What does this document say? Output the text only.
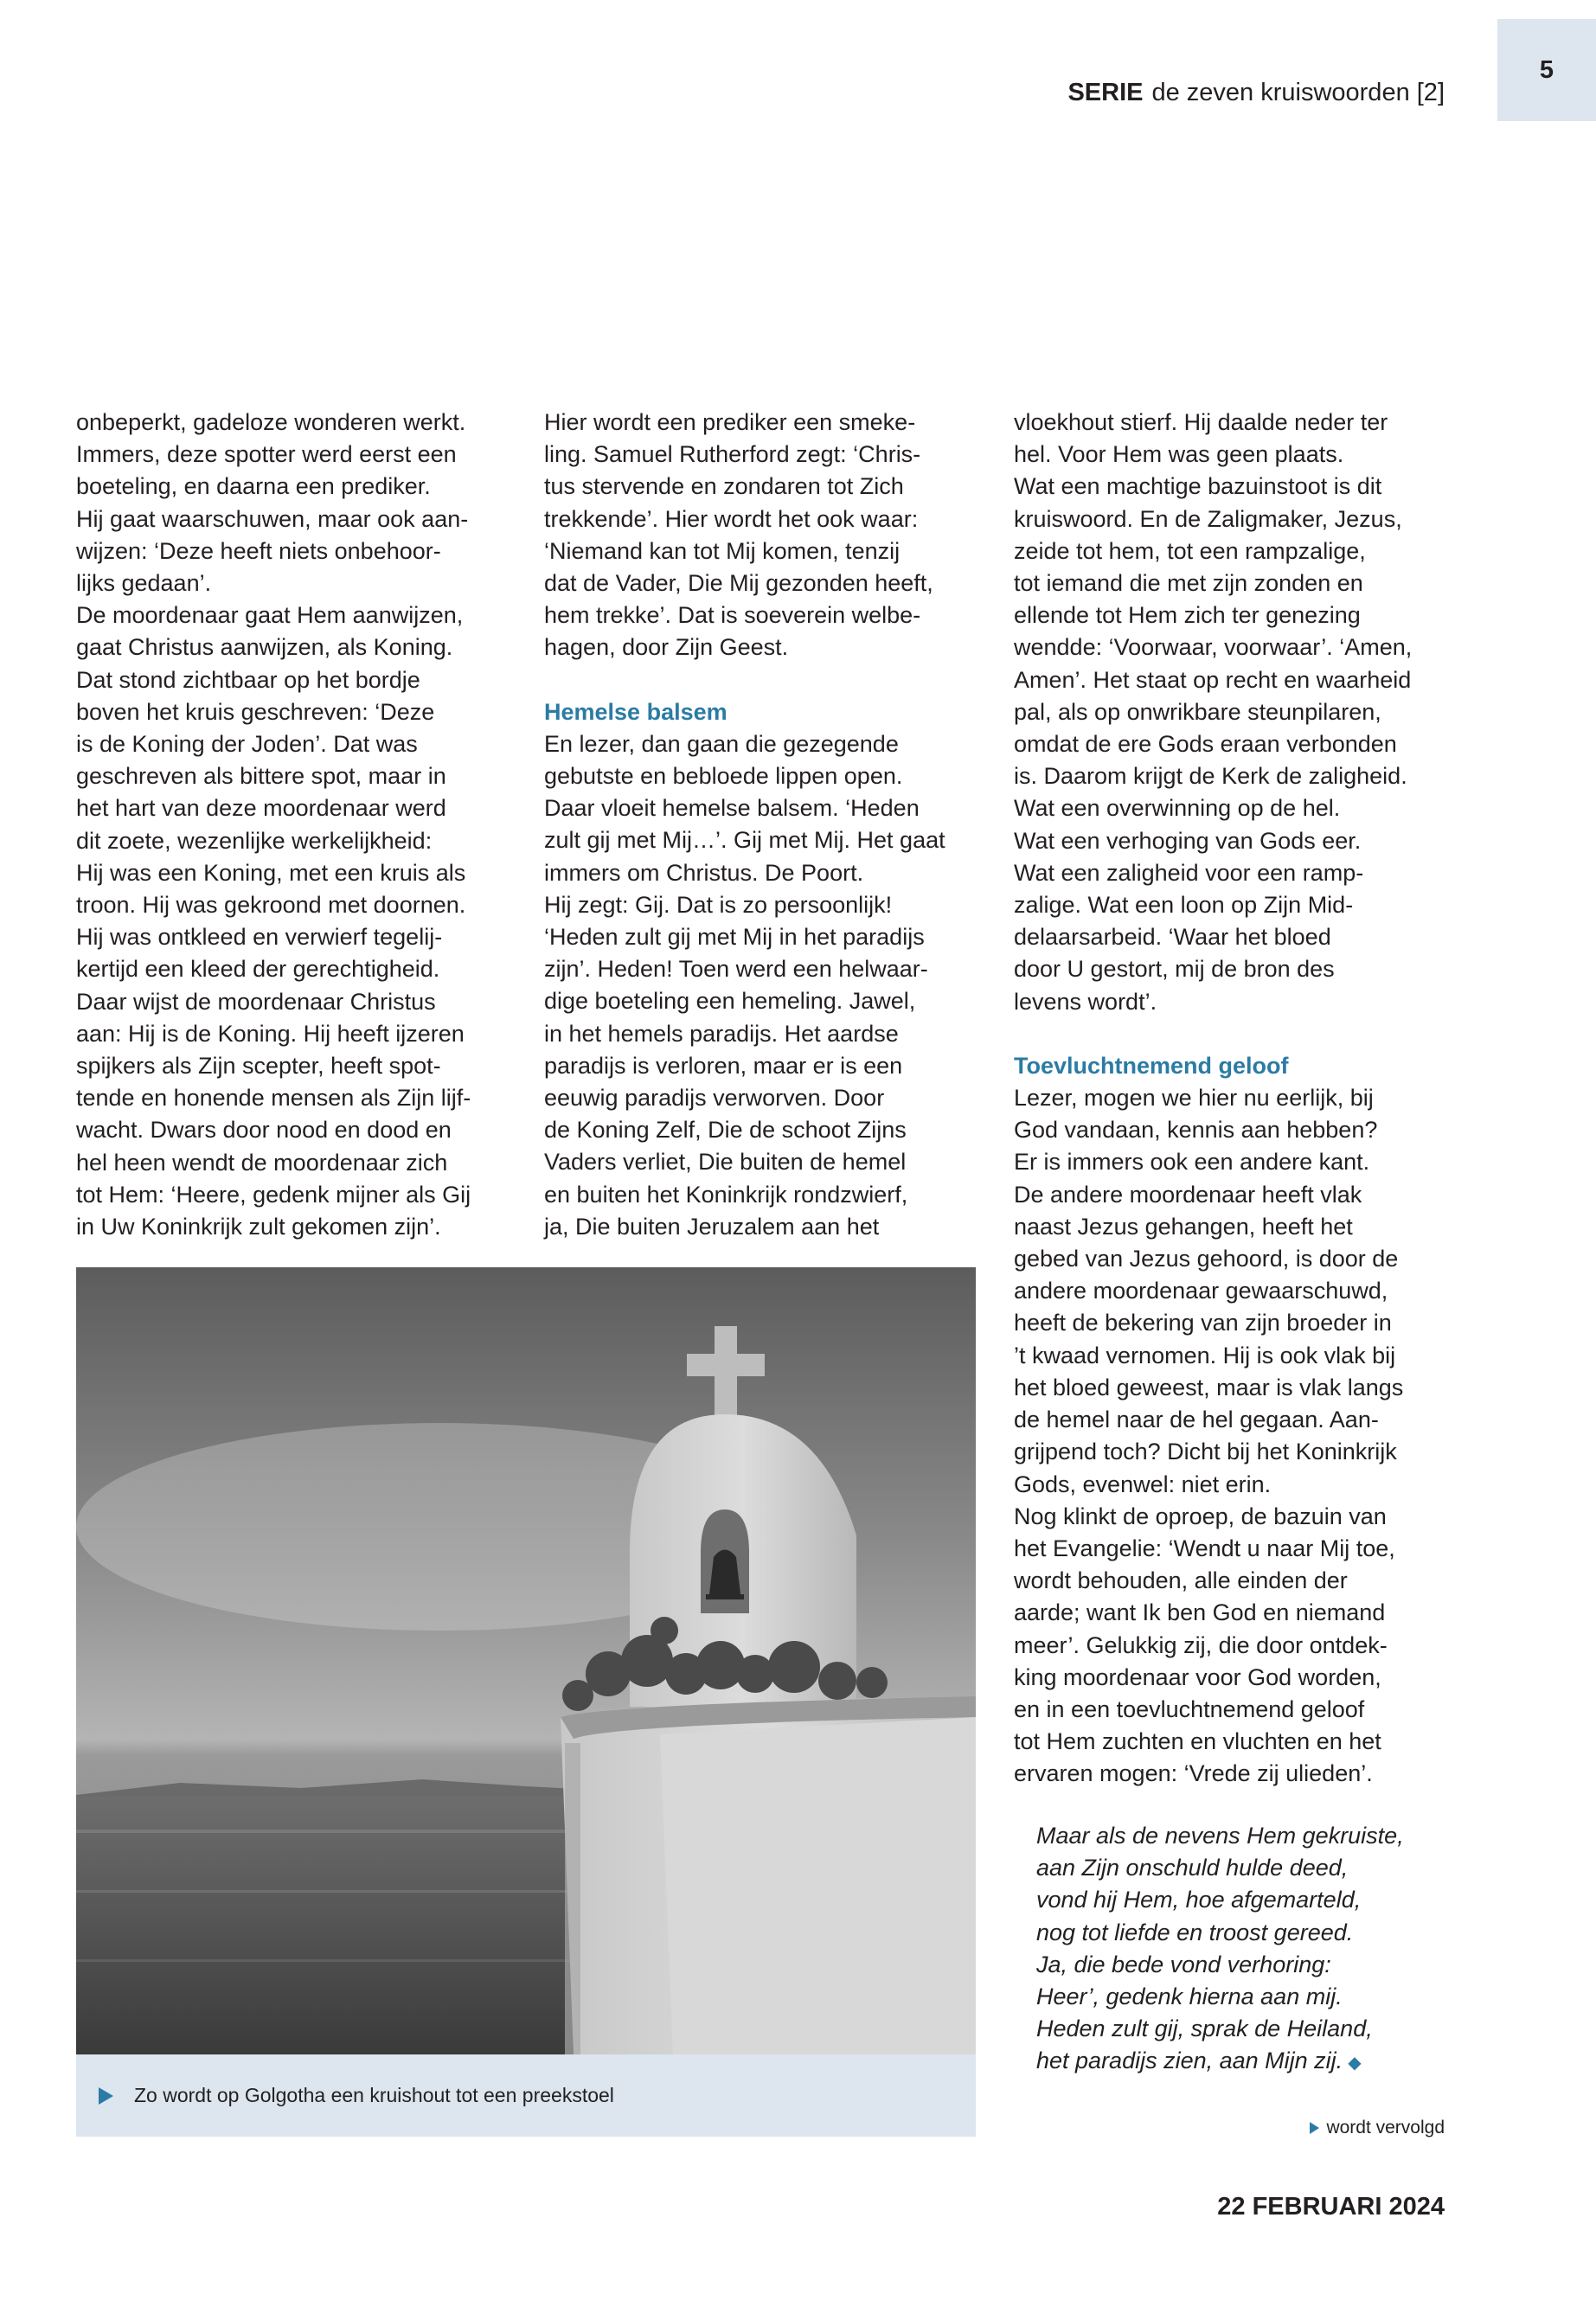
5
SERIE de zeven kruiswoorden [2]

onbeperkt, gadeloze wonderen werkt.
Immers, deze spotter werd eerst een
boeteling, en daarna een prediker.
Hij gaat waarschuwen, maar ook aan-
wijzen: ‘Deze heeft niets onbehoor-
lijks gedaan’.
De moordenaar gaat Hem aanwijzen,
gaat Christus aanwijzen, als Koning.
Dat stond zichtbaar op het bordje
boven het kruis geschreven: ‘Deze
is de Koning der Joden’. Dat was
geschreven als bittere spot, maar in
het hart van deze moordenaar werd
dit zoete, wezenlijke werkelijkheid:
Hij was een Koning, met een kruis als
troon. Hij was gekroond met doornen.
Hij was ontkleed en verwierf tegelij-
kertijd een kleed der gerechtigheid.
Daar wijst de moordenaar Christus
aan: Hij is de Koning. Hij heeft ijzeren
spijkers als Zijn scepter, heeft spot-
tende en honende mensen als Zijn lijf-
wacht. Dwars door nood en dood en
hel heen wendt de moordenaar zich
tot Hem: ‘Heere, gedenk mijner als Gij
in Uw Koninkrijk zult gekomen zijn’.

Hier wordt een prediker een smeke-
ling. Samuel Rutherford zegt: ‘Chris-
tus stervende en zondaren tot Zich
trekkende’. Hier wordt het ook waar:
‘Niemand kan tot Mij komen, tenzij
dat de Vader, Die Mij gezonden heeft,
hem trekke’. Dat is soeverein welbe-
hagen, door Zijn Geest.

Hemelse balsem

En lezer, dan gaan die gezegende
gebutste en bebloede lippen open.
Daar vloeit hemelse balsem. ‘Heden
zult gij met Mij…’. Gij met Mij. Het gaat
immers om Christus. De Poort.
Hij zegt: Gij. Dat is zo persoonlijk!
‘Heden zult gij met Mij in het paradijs
zijn’. Heden! Toen werd een helwaar-
dige boeteling een hemeling. Jawel,
in het hemels paradijs. Het aardse
paradijs is verloren, maar er is een
eeuwig paradijs verworven. Door
de Koning Zelf, Die de schoot Zijns
Vaders verliet, Die buiten de hemel
en buiten het Koninkrijk rondzwierf,
ja, Die buiten Jeruzalem aan het

vloekhout stierf. Hij daalde neder ter
hel. Voor Hem was geen plaats.
Wat een machtige bazuinstoot is dit
kruiswoord. En de Zaligmaker, Jezus,
zeide tot hem, tot een rampzalige,
tot iemand die met zijn zonden en
ellende tot Hem zich ter genezing
wendde: ‘Voorwaar, voorwaar’. ‘Amen,
Amen’. Het staat op recht en waarheid
pal, als op onwrikbare steunpilaren,
omdat de ere Gods eraan verbonden
is. Daarom krijgt de Kerk de zaligheid.
Wat een overwinning op de hel.
Wat een verhoging van Gods eer.
Wat een zaligheid voor een ramp-
zalige. Wat een loon op Zijn Mid-
delaarsarbeid. ‘Waar het bloed
door U gestort, mij de bron des
levens wordt’.

Toevluchtnemend geloof

Lezer, mogen we hier nu eerlijk, bij
God vandaan, kennis aan hebben?
Er is immers ook een andere kant.
De andere moordenaar heeft vlak
naast Jezus gehangen, heeft het
gebed van Jezus gehoord, is door de
andere moordenaar gewaarschuwd,
heeft de bekering van zijn broeder in
’t kwaad vernomen. Hij is ook vlak bij
het bloed geweest, maar is vlak langs
de hemel naar de hel gegaan. Aan-
grijpend toch? Dicht bij het Koninkrijk
Gods, evenwel: niet erin.
Nog klinkt de oproep, de bazuin van
het Evangelie: ‘Wendt u naar Mij toe,
wordt behouden, alle einden der
aarde; want Ik ben God en niemand
meer’. Gelukkig zij, die door ontdek-
king moordenaar voor God worden,
en in een toevluchtnemend geloof
tot Hem zuchten en vluchten en het
ervaren mogen: ‘Vrede zij ulieden’.

Maar als de nevens Hem gekruiste,
aan Zijn onschuld hulde deed,
vond hij Hem, hoe afgemarteld,
nog tot liefde en troost gereed.
Ja, die bede vond verhoring:
Heer’, gedenk hierna aan mij.
Heden zult gij, sprak de Heiland,
het paradijs zien, aan Mijn zij. ◆
Zo wordt op Golgotha een kruishout tot een preekstoel
wordt vervolgd
22 FEBRUARI 2024
